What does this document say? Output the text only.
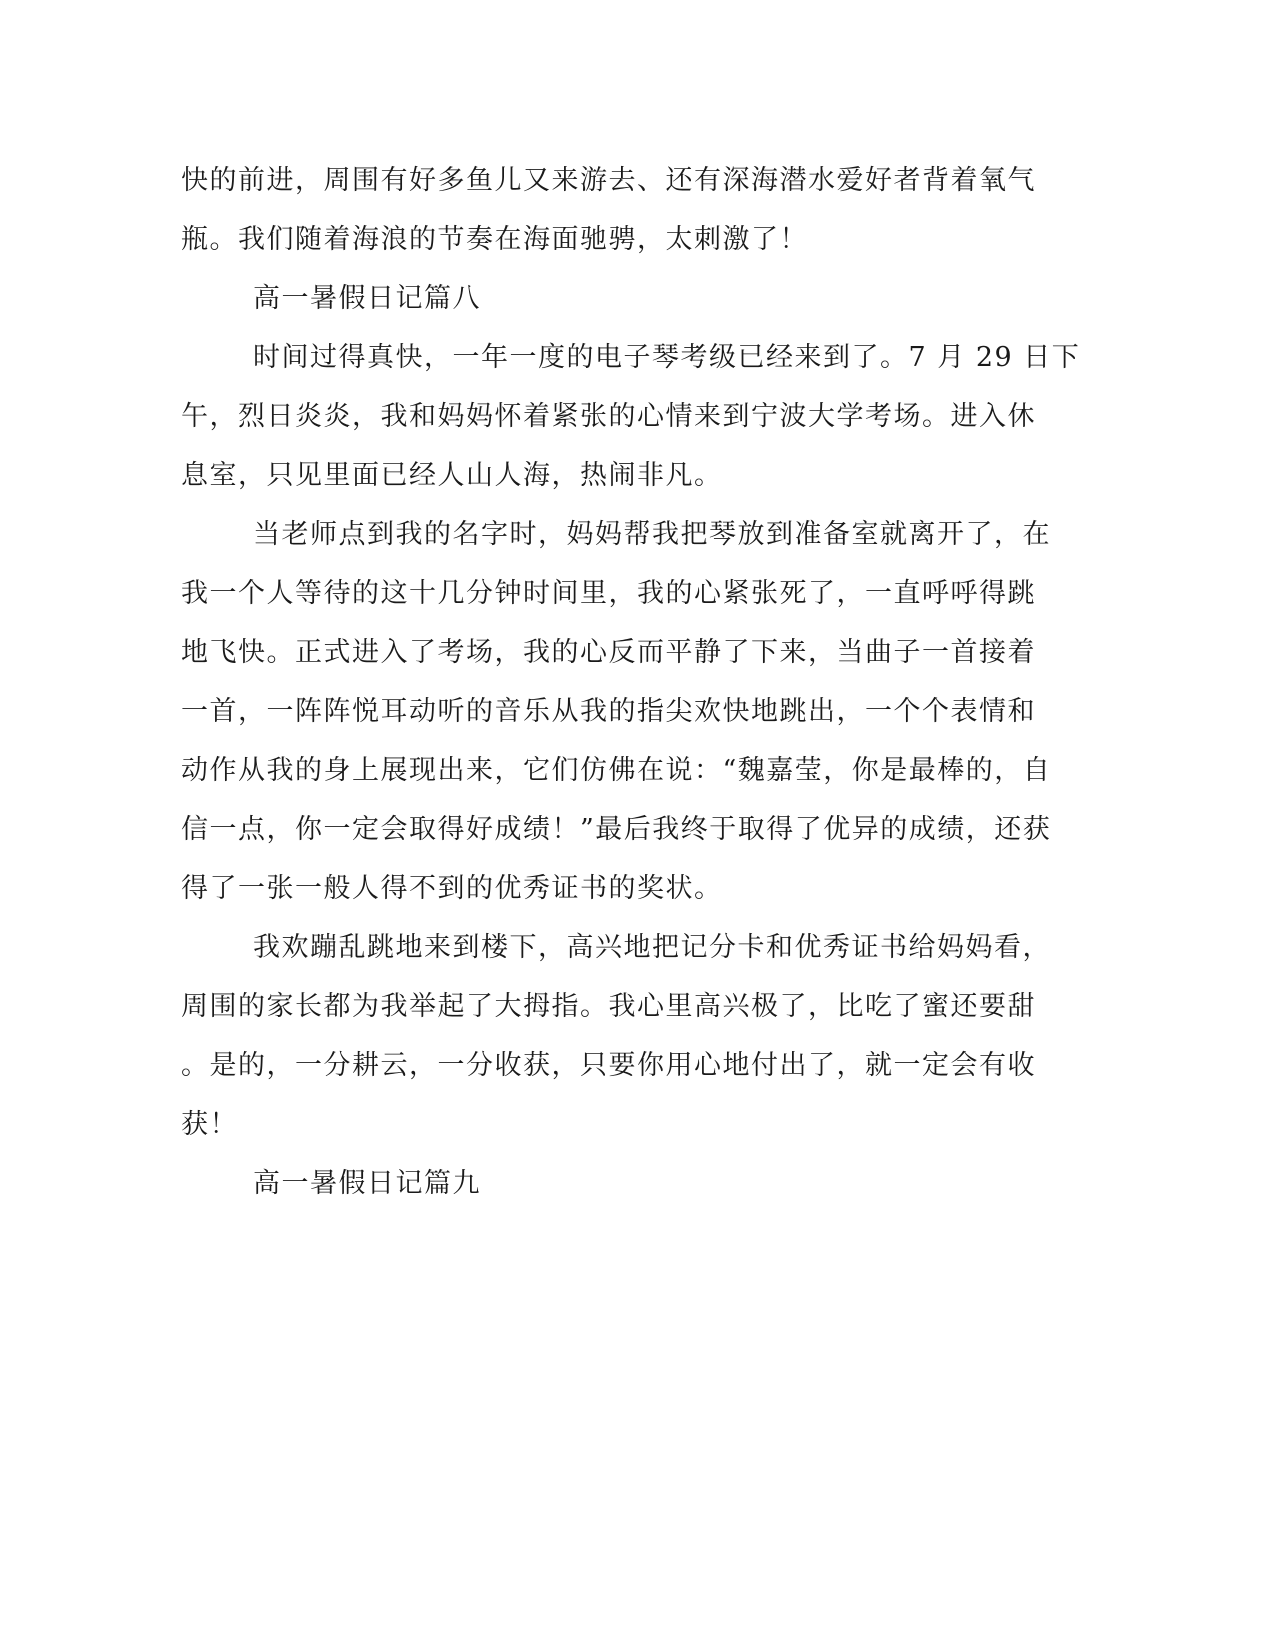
快的前进，周围有好多鱼儿又来游去、还有深海潜水爱好者背着氧气
瓶。我们随着海浪的节奏在海面驰骋，太刺激了！
高一暑假日记篇八
时间过得真快，一年一度的电子琴考级已经来到了。7 月 29 日下
午，烈日炎炎，我和妈妈怀着紧张的心情来到宁波大学考场。进入休
息室，只见里面已经人山人海，热闹非凡。
当老师点到我的名字时，妈妈帮我把琴放到准备室就离开了，在
我一个人等待的这十几分钟时间里，我的心紧张死了，一直呼呼得跳
地飞快。正式进入了考场，我的心反而平静了下来，当曲子一首接着
一首，一阵阵悦耳动听的音乐从我的指尖欢快地跳出，一个个表情和
动作从我的身上展现出来，它们仿佛在说：“魏嘉莹，你是最棒的，自
信一点，你一定会取得好成绩！”最后我终于取得了优异的成绩，还获
得了一张一般人得不到的优秀证书的奖状。
我欢蹦乱跳地来到楼下，高兴地把记分卡和优秀证书给妈妈看，
周围的家长都为我举起了大拇指。我心里高兴极了，比吃了蜜还要甜
。是的，一分耕云，一分收获，只要你用心地付出了，就一定会有收
获！
高一暑假日记篇九
